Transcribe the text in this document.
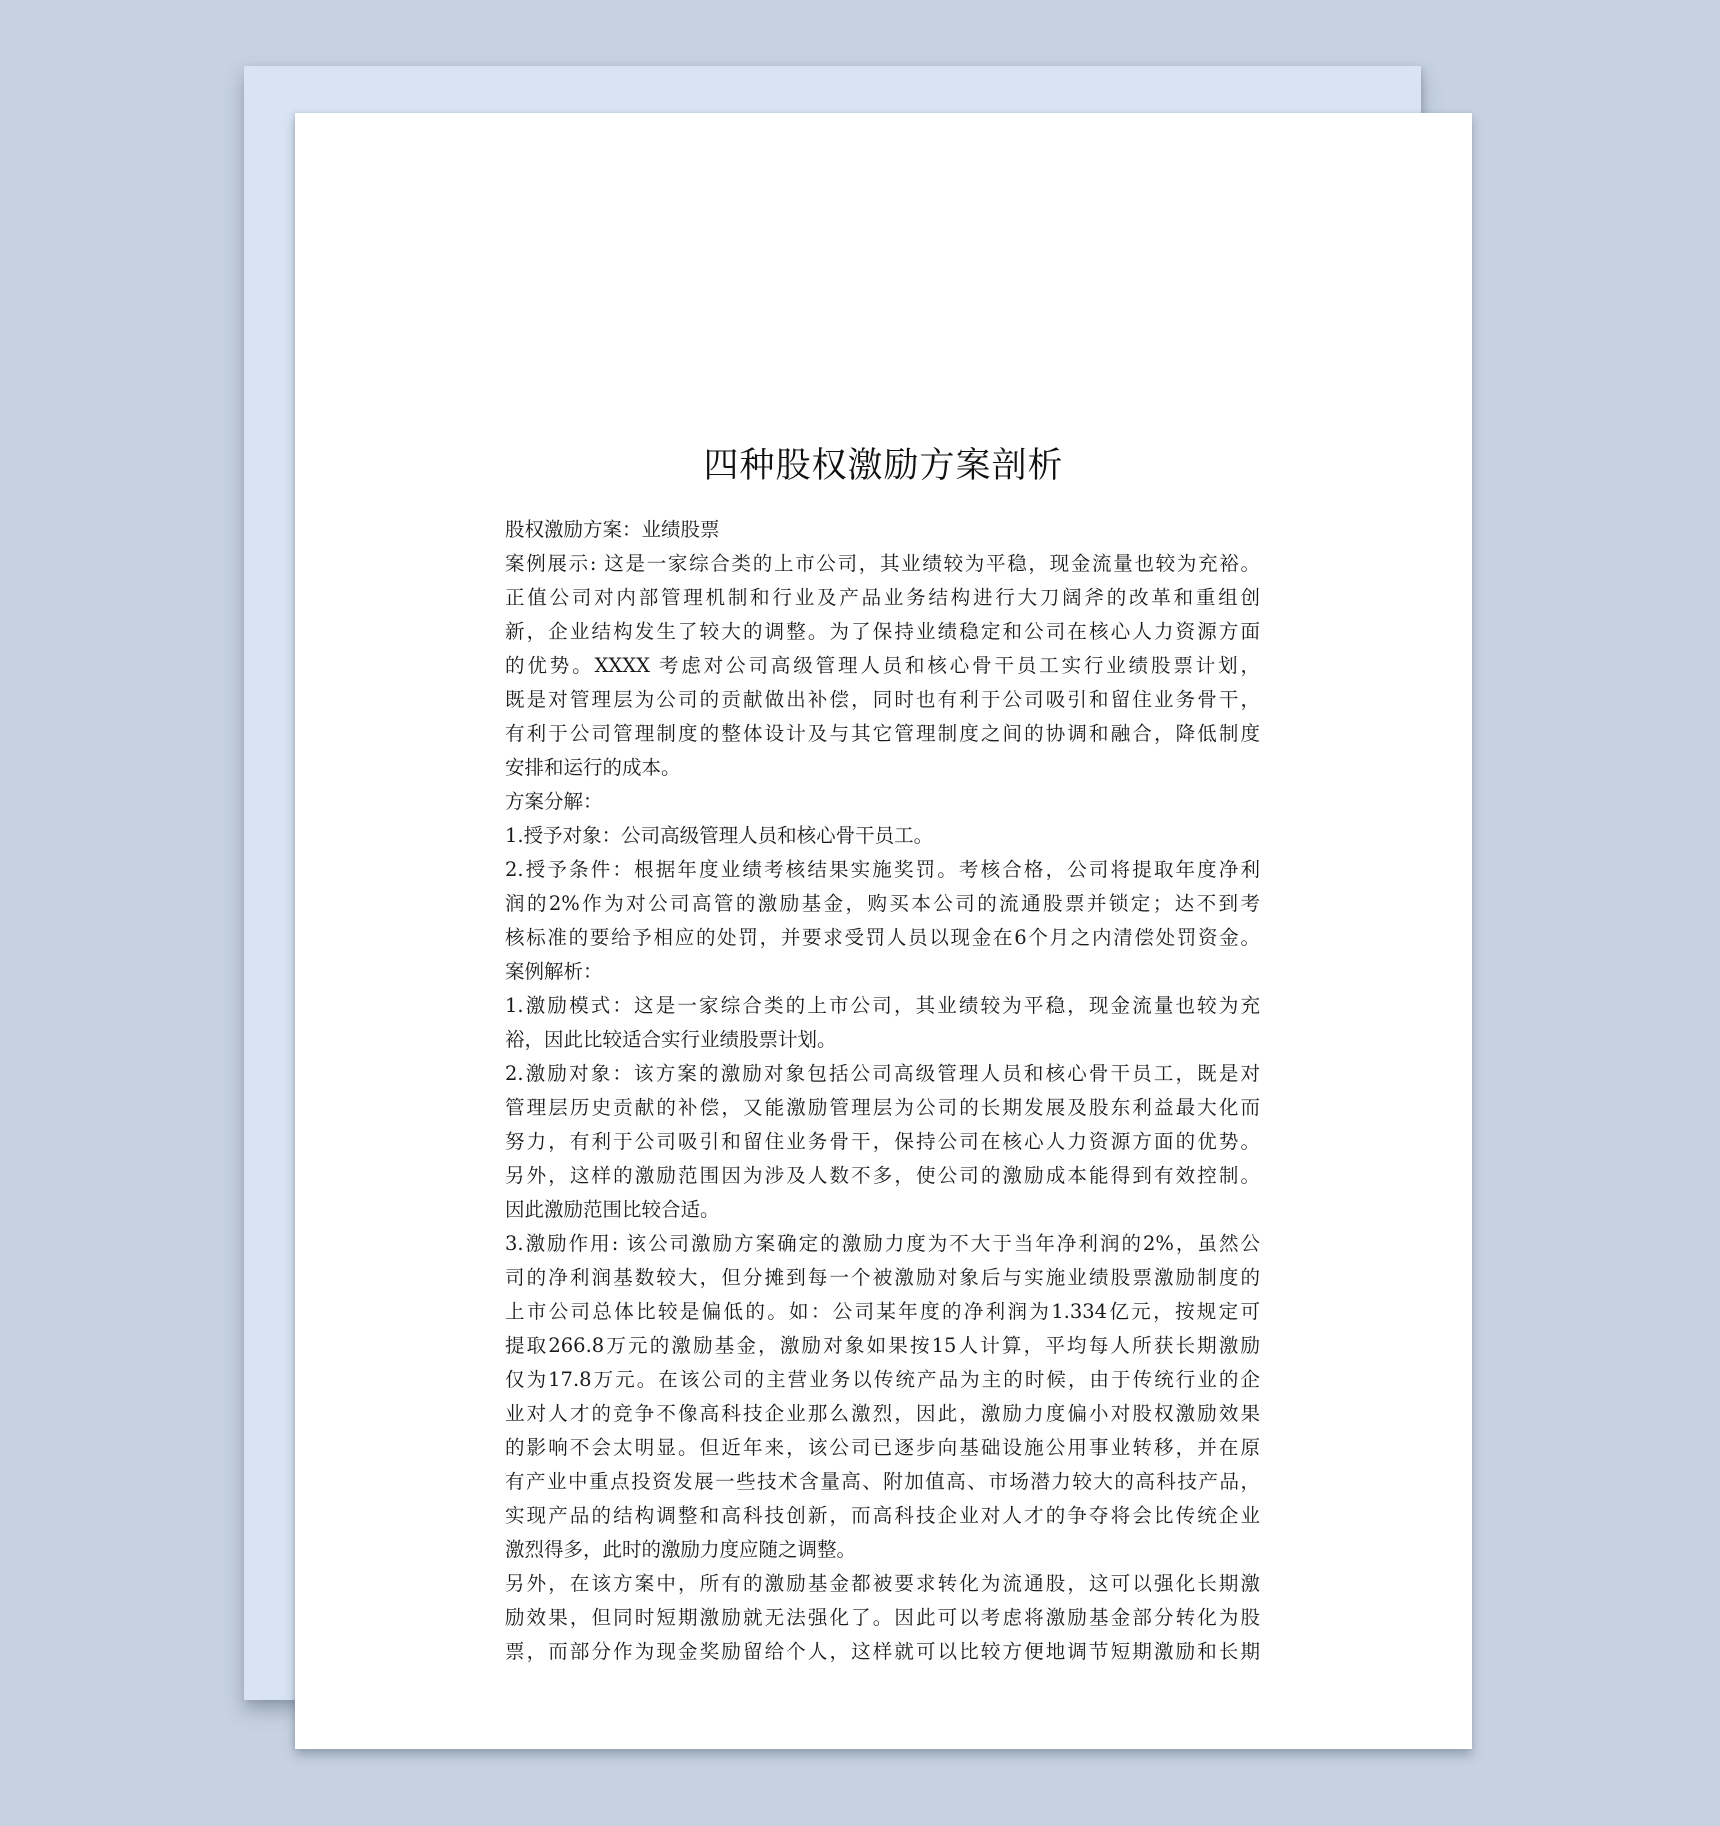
四种股权激励方案剖析
股权激励方案：业绩股票
案例展示: 这是一家综合类的上市公司，其业绩较为平稳，现金流量也较为充裕。
正值公司对内部管理机制和行业及产品业务结构进行大刀阔斧的改革和重组创
新，企业结构发生了较大的调整。为了保持业绩稳定和公司在核心人力资源方面
的优势。XXXX 考虑对公司高级管理人员和核心骨干员工实行业绩股票计划，
既是对管理层为公司的贡献做出补偿，同时也有利于公司吸引和留住业务骨干，
有利于公司管理制度的整体设计及与其它管理制度之间的协调和融合，降低制度
安排和运行的成本。
方案分解：
1.授予对象：公司高级管理人员和核心骨干员工。
2.授予条件：根据年度业绩考核结果实施奖罚。考核合格，公司将提取年度净利
润的2%作为对公司高管的激励基金，购买本公司的流通股票并锁定；达不到考
核标准的要给予相应的处罚，并要求受罚人员以现金在6个月之内清偿处罚资金。
案例解析：
1.激励模式：这是一家综合类的上市公司，其业绩较为平稳，现金流量也较为充
裕，因此比较适合实行业绩股票计划。
2.激励对象：该方案的激励对象包括公司高级管理人员和核心骨干员工，既是对
管理层历史贡献的补偿，又能激励管理层为公司的长期发展及股东利益最大化而
努力，有利于公司吸引和留住业务骨干，保持公司在核心人力资源方面的优势。
另外，这样的激励范围因为涉及人数不多，使公司的激励成本能得到有效控制。
因此激励范围比较合适。
3.激励作用: 该公司激励方案确定的激励力度为不大于当年净利润的2%，虽然公
司的净利润基数较大，但分摊到每一个被激励对象后与实施业绩股票激励制度的
上市公司总体比较是偏低的。如：公司某年度的净利润为1.334亿元，按规定可
提取266.8万元的激励基金，激励对象如果按15人计算，平均每人所获长期激励
仅为17.8万元。在该公司的主营业务以传统产品为主的时候，由于传统行业的企
业对人才的竞争不像高科技企业那么激烈，因此，激励力度偏小对股权激励效果
的影响不会太明显。但近年来，该公司已逐步向基础设施公用事业转移，并在原
有产业中重点投资发展一些技术含量高、附加值高、市场潜力较大的高科技产品，
实现产品的结构调整和高科技创新，而高科技企业对人才的争夺将会比传统企业
激烈得多，此时的激励力度应随之调整。
另外，在该方案中，所有的激励基金都被要求转化为流通股，这可以强化长期激
励效果，但同时短期激励就无法强化了。因此可以考虑将激励基金部分转化为股
票，而部分作为现金奖励留给个人，这样就可以比较方便地调节短期激励和长期
